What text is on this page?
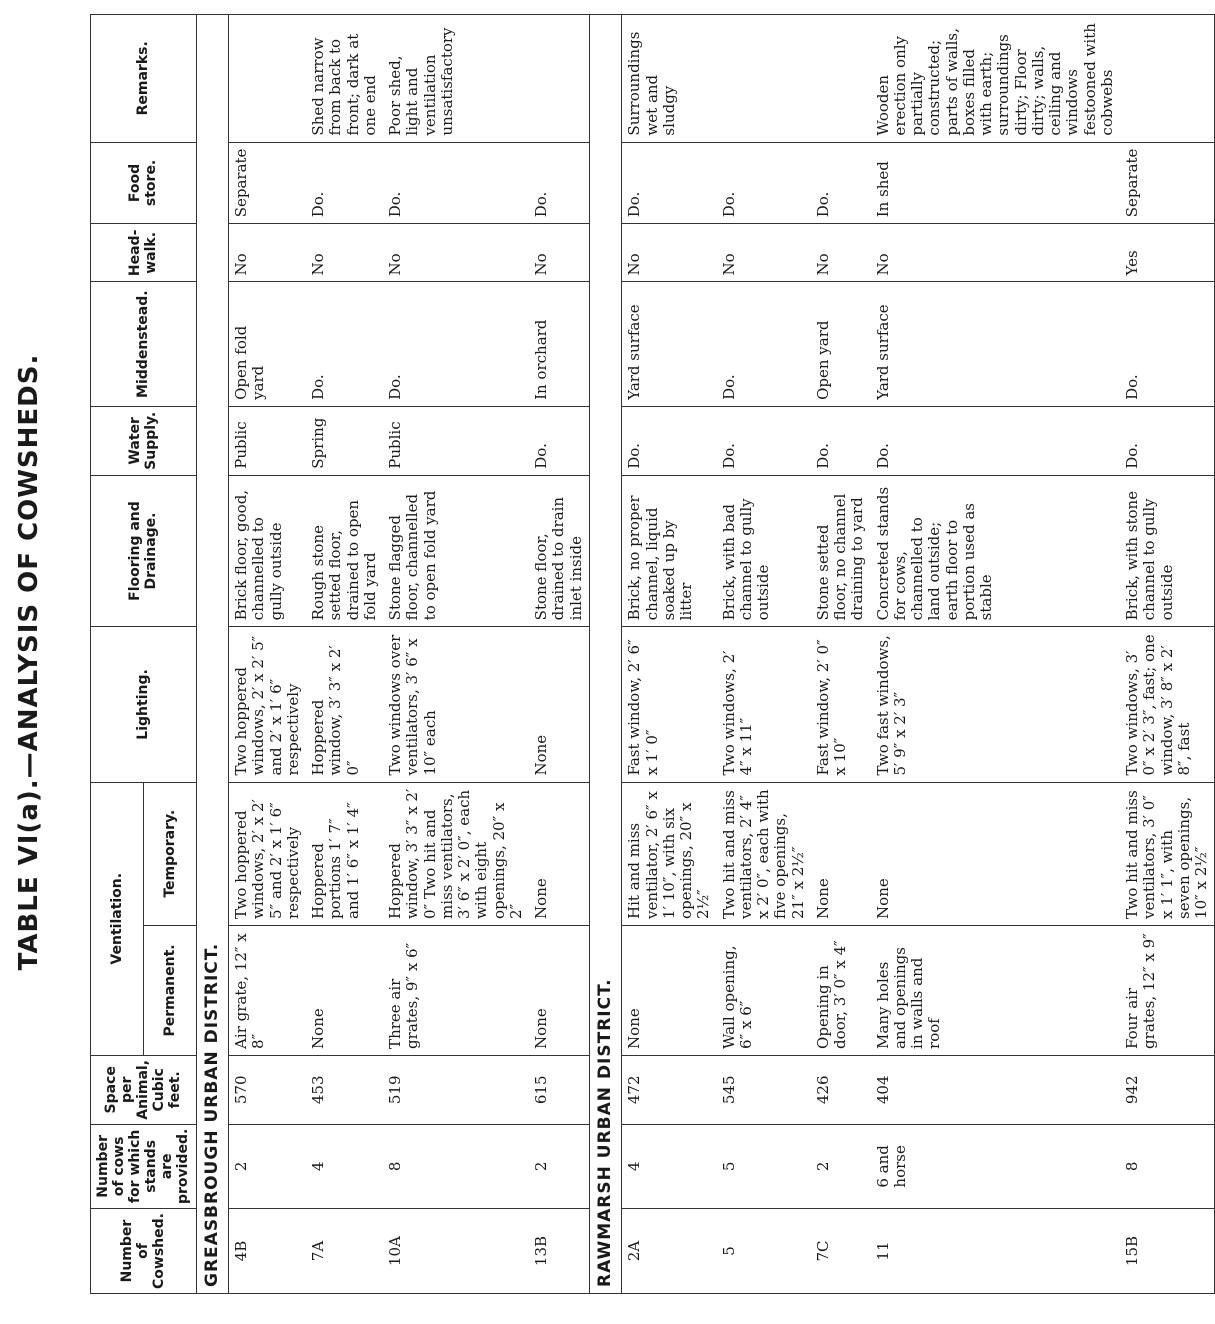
TABLE VI(a).—ANALYSIS OF COWSHEDS.
Number of Cowshed.	Number of cows for which stands are provided.	Space per Animal, Cubic feet.	Ventilation.		Lighting.	Flooring and Drainage.	Water Supply.	Middenstead.	Head-walk.	Food store.	Remarks.
			Permanent.	Temporary.							
GREASBROUGH URBAN DISTRICT.											
4B	2	570	Air grate, 12″ x 8″	Two hoppered windows, 2′ x 2′ 5″ and 2′ x 1′ 6″ respectively	Two hoppered windows, 2′ x 2′ 5″ and 2′ x 1′ 6″ respectively	Brick floor, good, channelled to gully outside	Public	Open fold yard	No	Separate	
7A	4	453	None	Hoppered portions 1′ 7″ and 1′ 6″ x 1′ 4″	Hoppered window, 3′ 3″ x 2′ 0″	Rough stone setted floor, drained to open fold yard	Spring	Do.	No	Do.	Shed narrow from back to front; dark at one end
10A	8	519	Three air grates, 9″ x 6″	Hoppered window, 3′ 3″ x 2′ 0″ Two hit and miss ventilators, 3′ 6″ x 2′ 0″, each with eight openings, 20″ x 2″	Two windows over ventilators, 3′ 6″ x 10″ each	Stone flagged floor, channelled to open fold yard	Public	Do.	No	Do.	Poor shed, light and ventilation unsatisfactory
13B	2	615	None	None	None	Stone floor, drained to drain inlet inside	Do.	In orchard	No	Do.	
RAWMARSH URBAN DISTRICT.											
2A	4	472	None	Hit and miss ventilator, 2′ 6″ x 1′ 10″, with six openings, 20″ x 2½″	Fast window, 2′ 6″ x 1′ 0″	Brick, no proper channel, liquid soaked up by litter	Do.	Yard surface	No	Do.	Surroundings wet and sludgy
5	5	545	Wall opening, 6″ x 6″	Two hit and miss ventilators, 2′ 4″ x 2′ 0″, each with five openings, 21″ x 2½″	Two windows, 2′ 4″ x 11″	Brick, with bad channel to gully outside	Do.	Do.	No	Do.	
7C	2	426	Opening in door, 3′ 0″ x 4″	None	Fast window, 2′ 0″ x 10″	Stone setted floor, no channel draining to yard	Do.	Open yard	No	Do.	
11	6 and horse	404	Many holes and openings in walls and roof	None	Two fast windows, 5′ 9″ x 2′ 3″	Concreted stands for cows, channelled to land outside; earth floor to portion used as stable	Do.	Yard surface	No	In shed	Wooden erection only partially constructed; parts of walls, boxes filled with earth; surroundings dirty; Floor dirty; walls, ceiling and windows festooned with cobwebs
15B	8	942	Four air grates, 12″ x 9″	Two hit and miss ventilators, 3′ 0″ x 1′ 1″, with seven openings, 10″ x 2½″	Two windows, 3′ 0″ x 2′ 3″, fast; one window, 3′ 8″ x 2′ 8″, fast	Brick, with stone channel to gully outside	Do.	Do.	Yes	Separate	
